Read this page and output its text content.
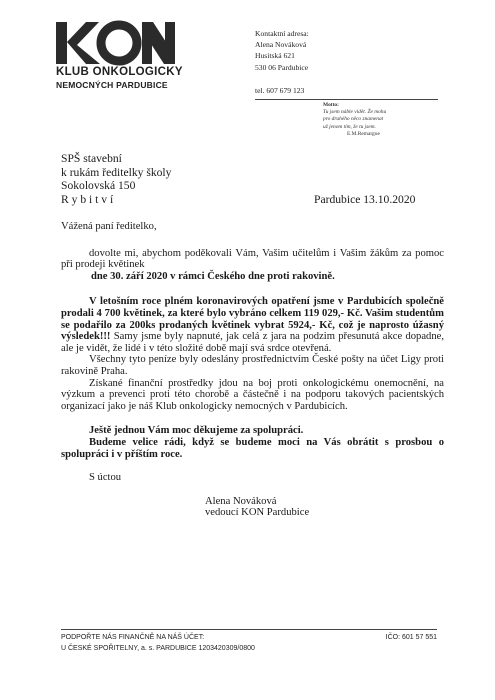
KLUB ONKOLOGICKY
NEMOCNÝCH PARDUBICE
Kontaktní adresa:
Alena Nováková
Husitská 621
530 06 Pardubice
tel. 607 679 123
Motto:
Tu jsem náble vidět. Že mohu
pro druhého něco znamenat
už jenom tím, že tu jsem.
E.M.Remargue
SPŠ stavební
k rukám ředitelky školy
Sokolovská 150
R y b i t v í	Pardubice 13.10.2020

Vážená paní ředitelko,

dovolte mi, abychom poděkovali Vám, Vašim učitelům i Vašim žákům za pomoc při prodeji květinek

dne 30. září 2020 v rámci Českého dne proti rakovině.

V letošním roce plném koronavirových opatření jsme v Pardubicích společně prodali 4 700 květinek, za které bylo vybráno celkem 119 029,- Kč. Vašim studentům se podařilo za 200ks prodaných květinek vybrat 5924,- Kč, což je naprosto úžasný výsledek!!! Samy jsme byly napnuté, jak celá z jara na podzim přesunutá akce dopadne, ale je vidět, že lidé i v této složité době mají svá srdce otevřená.

Všechny tyto peníze byly odeslány prostřednictvím České pošty na účet Ligy proti rakovině Praha.

Získané finanční prostředky jdou na boj proti onkologickému onemocnění, na výzkum a prevenci proti této chorobě a částečně i na podporu takových pacientských organizací jako je náš Klub onkologicky nemocných v Pardubicích.

Ještě jednou Vám moc děkujeme za spolupráci.

Budeme velice rádi, když se budeme moci na Vás obrátit s prosbou o spolupráci i v příštím roce.

S úctou

Alena Nováková

vedoucí KON Pardubice

PODPOŘTE NÁS FINANČNĚ NA NÁŠ ÚČET:	IČO: 601 57 551
U ČESKÉ SPOŘITELNY, a. s. PARDUBICE 1203420309/0800
